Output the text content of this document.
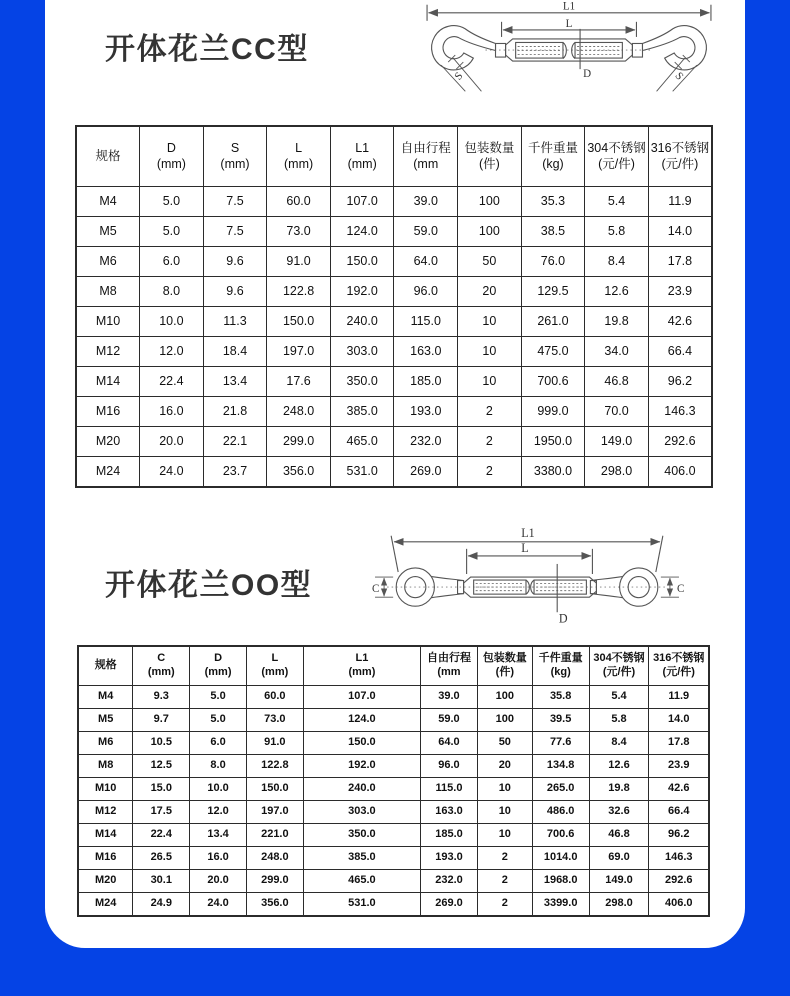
开体花兰CC型
L1
L
D
S	S
规格

D
(mm)

S
(mm)

L
(mm)

L1
(mm)

自由行程
(mm

包装数量
(件)

千件重量
(kg)

304不锈钢
(元/件)

316不锈钢
(元/件)

M4	5.0	7.5	60.0	107.0	39.0	100	35.3	5.4	11.9
M5	5.0	7.5	73.0	124.0	59.0	100	38.5	5.8	14.0
M6	6.0	9.6	91.0	150.0	64.0	50	76.0	8.4	17.8
M8	8.0	9.6	122.8	192.0	96.0	20	129.5	12.6	23.9
M10	10.0	11.3	150.0	240.0	115.0	10	261.0	19.8	42.6
M12	12.0	18.4	197.0	303.0	163.0	10	475.0	34.0	66.4
M14	22.4	13.4	17.6	350.0	185.0	10	700.6	46.8	96.2
M16	16.0	21.8	248.0	385.0	193.0	2	999.0	70.0	146.3
M20	20.0	22.1	299.0	465.0	232.0	2	1950.0	149.0	292.6
M24	24.0	23.7	356.0	531.0	269.0	2	3380.0	298.0	406.0
开体花兰OO型
L1
L
D
C	C
规格

C
(mm)

D
(mm)

L
(mm)

L1
(mm)

自由行程
(mm

包装数量
(件)

千件重量
(kg)

304不锈钢
(元/件)

316不锈钢
(元/件)

M4	9.3	5.0	60.0	107.0	39.0	100	35.8	5.4	11.9
M5	9.7	5.0	73.0	124.0	59.0	100	39.5	5.8	14.0
M6	10.5	6.0	91.0	150.0	64.0	50	77.6	8.4	17.8
M8	12.5	8.0	122.8	192.0	96.0	20	134.8	12.6	23.9
M10	15.0	10.0	150.0	240.0	115.0	10	265.0	19.8	42.6
M12	17.5	12.0	197.0	303.0	163.0	10	486.0	32.6	66.4
M14	22.4	13.4	221.0	350.0	185.0	10	700.6	46.8	96.2
M16	26.5	16.0	248.0	385.0	193.0	2	1014.0	69.0	146.3
M20	30.1	20.0	299.0	465.0	232.0	2	1968.0	149.0	292.6
M24	24.9	24.0	356.0	531.0	269.0	2	3399.0	298.0	406.0
